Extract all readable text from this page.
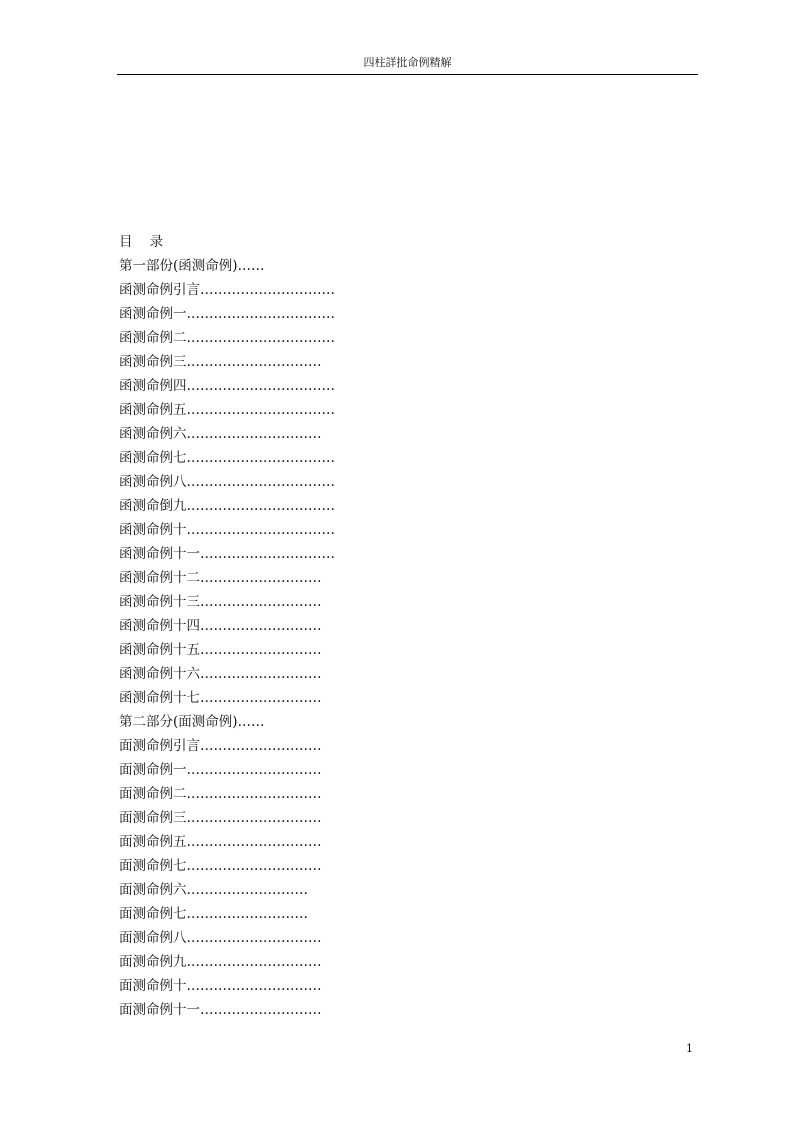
四柱詳批命例精解
目    录
第一部份(函测命例)……
函测命例引言…………………………
函测命例一……………………………
函测命例二……………………………
函测命例三…………………………
函测命例四……………………………
函测命例五……………………………
函测命例六…………………………
函测命例七……………………………
函测命例八……………………………
函测命倒九……………………………
函测命例十……………………………
函测命例十一…………………………
函测命例十二………………………
函测命例十三………………………
函测命例十四………………………
函测命例十五………………………
函测命例十六………………………
函测命例十七………………………
第二部分(面测命例)……
面测命例引言………………………
面测命例一…………………………
面测命例二…………………………
面测命例三…………………………
面测命例五…………………………
面测命例七…………………………
面测命例六………………………
面测命例七………………………
面测命例八…………………………
面测命例九…………………………
面测命例十…………………………
面测命例十一………………………
1
